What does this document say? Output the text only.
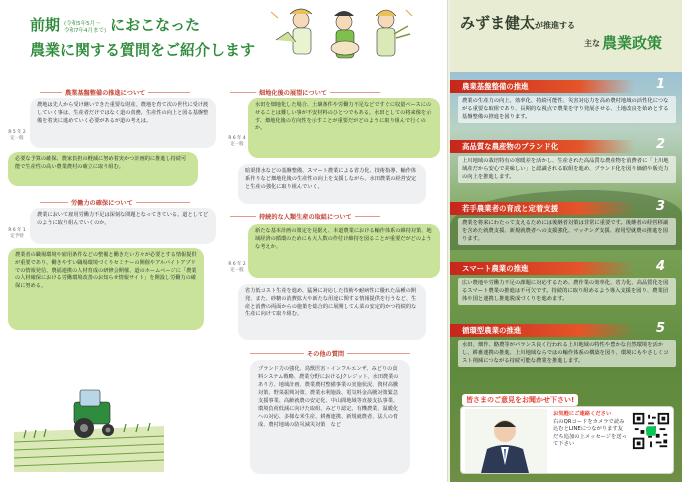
前期 (令和5年5月〜
令和7年4月まで) におこなった
農業に関する質問をご紹介します
農業基盤整備の推進について
R 5 年 2 定一般
農地は先人から受け継いできた重要な財産。農地を育て次の世代に受け渡していく事は、生産者だけではなく道の責務。生産性の向上と図る基盤整備を着実に進めていく必要があるが道の考えは。
必要な予算の確保、農家負担の軽減に努め着実かつ計画的に推進し持続可能で生産性の高い農業農村の確立に取り組む。
労働力の確保について
R 6 年 1 定予特
農業において雇用労働力不足は深刻な問題となってきている。道としてどのように取り組んでいくのか。
農業者の職場環境や雇用条件などの整備と働きたい方々が必要とする情報提供が重要であり、働きやすい職場環境づくりセミナーの開催やアルバイトアプリでの情報発信、農福連携の人材育成の研修会開催、道のホームページに「農業の人材確保における労働環境改善のお知らせ情報サイト」を開設し労働力の確保に努める。
畑地化後の展望について
R 6 年 4 定一般
水田を畑地化した場合、土壌条件や労働力不足などですぐに収量ベースにのせることは難しい事が不安材料のひとつでもある。水田としての将来像を示す、畑地化後の方向性を示すことが重要だがどのように取り組んで行くのか。
暗渠排水などの基盤整備、スマート農業による省力化、技術指導、輸作体系作りなど畑地化後の生産性の向上を支援しながら、水田農業の経営安定と生産の強化に取り組んでいく。
持続的な人類生産の取組について
R 6 年 2 定一般
新たな基本計画の策定を見据え、本道農業における輸作体系の維持対策、地域経済の循環のためにも大人数の作付け維持を図ることが重要だがどのような考えか。
省力低コスト生産を進め、猛暑に対応した技術や耐病性に優れた品種の開発、また、砂糖の消費拡大や新たな用途に関する情報提供を行うなど、生産と消費の両面からの施策を総合的に展開してん菜の安定的かつ持続的な生産に向けて取り組む。
その他の質問
ブランド力の強化、鳥獣医害・インフルエンザ、みどりの食料システム戦略、農業分野におけるJクレジット、水田農業のあり方、地域計画、農業農村整備事業の実施状況、資材高騰対策、野菜振興対策、農業水利施設、電気料金高騰対策緊急支援事業、高齢就農の安定化、中山間地域等直接支払事業、環境負荷低減に向けた取組、みどり認定、有機農業、温暖化への対応、多様な米生産、耕畜連携、新規就農者、法人の育成、農村地域の防災減災対策　など
みずま健太が推進する
主な 農業政策
農業基盤整備の推進	1
農業の生産力の向上、効率化、持続可能性、災害対応力を高め農村地域の活性化につながる重要な取組であり、長期的な視点で農業を守り発展させる、土地改良を始めとする基盤整備の推進を図ります。
高品質な農産物のブランド化	2
上川地域の栽培特有の寒暖差を活かし、生産された高品質な農産物を消費者に「上川地域産だから安心で美味しい」と認識される取組を進め、ブランド化を図り価値や販売力の向上を推進します。
若手農業者の育成と定着支援	3
農業を将来にわたって支えるためには後継者対策は非常に重要です。後継者の経営移譲を含めた就農支援、新規就農者への支援強化、マッチング支援、雇用型就農の推進を図ります。
スマート農業の推進	4
広い農地や労働力不足の課題に対応するため、農作業の効率化、省力化、高品質化を図るスマート農業の推進は不可欠です。持続的に取り組めるよう導入支援を図り、農業団体や国と連携し推進脱成づくりを進めます。
循環型農業の推進	5
水田、畑作、酪農等がバランス良く行われる上川地域の特性や豊かな自然環境を活かし、耕畜連携の推進、上川地域ならではの輸作体系の構築を図り、環境にもやさしくコスト削減につながる持続可能な農業を推進します。
皆さまのご意見をお聞かせ下さい!
お気軽にご連絡ください
右のQRコードをカメラで読み込むとLINEにつながります友だち追加の上メッセージを送って下さい
